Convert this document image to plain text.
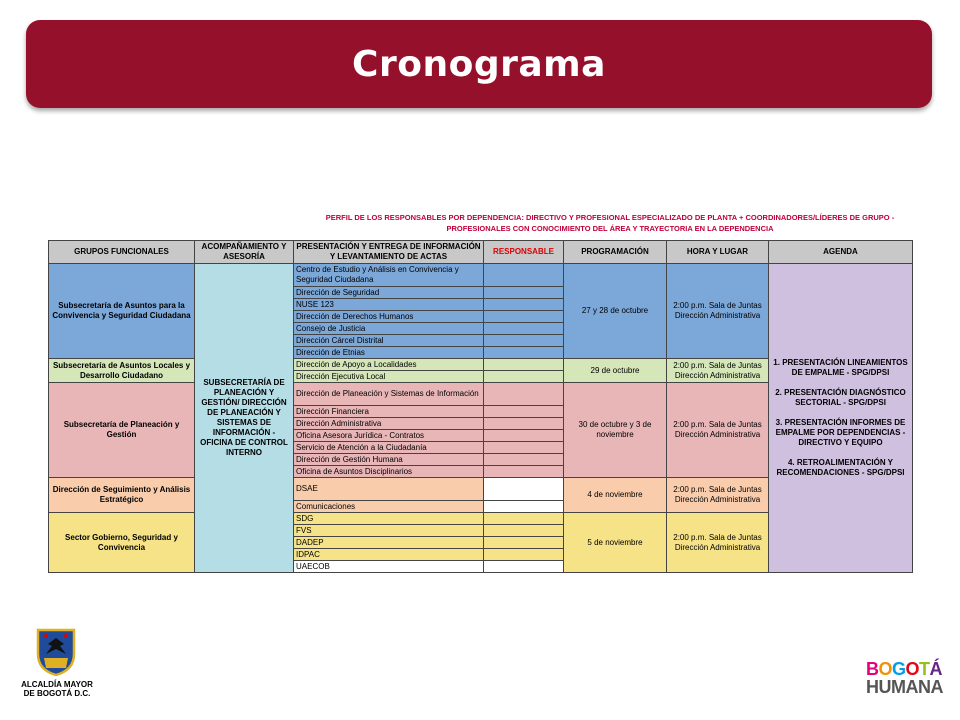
Cronograma
PERFIL DE LOS RESPONSABLES POR DEPENDENCIA: DIRECTIVO Y PROFESIONAL ESPECIALIZADO DE PLANTA + COORDINADORES/LÍDERES DE GRUPO - PROFESIONALES CON CONOCIMIENTO DEL ÁREA Y TRAYECTORIA EN LA DEPENDENCIA
GRUPOS FUNCIONALES	ACOMPAÑAMIENTO Y ASESORÍA	PRESENTACIÓN Y ENTREGA DE INFORMACIÓN Y LEVANTAMIENTO DE ACTAS	RESPONSABLE	PROGRAMACIÓN	HORA Y LUGAR	AGENDA
Subsecretaría de Asuntos para la Convivencia y Seguridad Ciudadana	SUBSECRETARÍA DE PLANEACIÓN Y GESTIÓN/ DIRECCIÓN DE PLANEACIÓN Y SISTEMAS DE INFORMACIÓN - OFICINA DE CONTROL INTERNO	Centro de Estudio y Análisis en Convivencia y Seguridad Ciudadana		27 y 28 de octubre	2:00 p.m. Sala de Juntas Dirección Administrativa	1. PRESENTACIÓN LINEAMIENTOS DE EMPALME - SPG/DPSI
2. PRESENTACIÓN DIAGNÓSTICO SECTORIAL - SPG/DPSI
3. PRESENTACIÓN INFORMES DE EMPALME POR DEPENDENCIAS - DIRECTIVO Y EQUIPO
4. RETROALIMENTACIÓN Y RECOMENDACIONES - SPG/DPSI

		Dirección de Seguridad				
		NUSE 123				
		Dirección de Derechos Humanos				
		Consejo de Justicia				
		Dirección Cárcel Distrital				
		Dirección de Etnias				
Subsecretaría de Asuntos Locales y Desarrollo Ciudadano		Dirección de Apoyo a Localidades		29 de octubre	2:00 p.m. Sala de Juntas Dirección Administrativa	
		Dirección Ejecutiva Local				
Subsecretaría de Planeación y Gestión		Dirección de Planeación y Sistemas de Información		30 de octubre y 3 de noviembre	2:00 p.m. Sala de Juntas Dirección Administrativa	
		Dirección Financiera				
		Dirección Administrativa				
		Oficina Asesora Jurídica - Contratos				
		Servicio de Atención a la Ciudadanía				
		Dirección de Gestión Humana				
		Oficina de Asuntos Disciplinarios				
Dirección de Seguimiento y Análisis Estratégico		DSAE		4 de noviembre	2:00 p.m. Sala de Juntas Dirección Administrativa	
		Comunicaciones				
Sector Gobierno, Seguridad y Convivencia		SDG		5 de noviembre	2:00 p.m. Sala de Juntas Dirección Administrativa	
		FVS				
		DADEP				
		IDPAC				
		UAECOB				
ALCALDÍA MAYOR
DE BOGOTÁ D.C.
BOGOTÁ
HUMANA
